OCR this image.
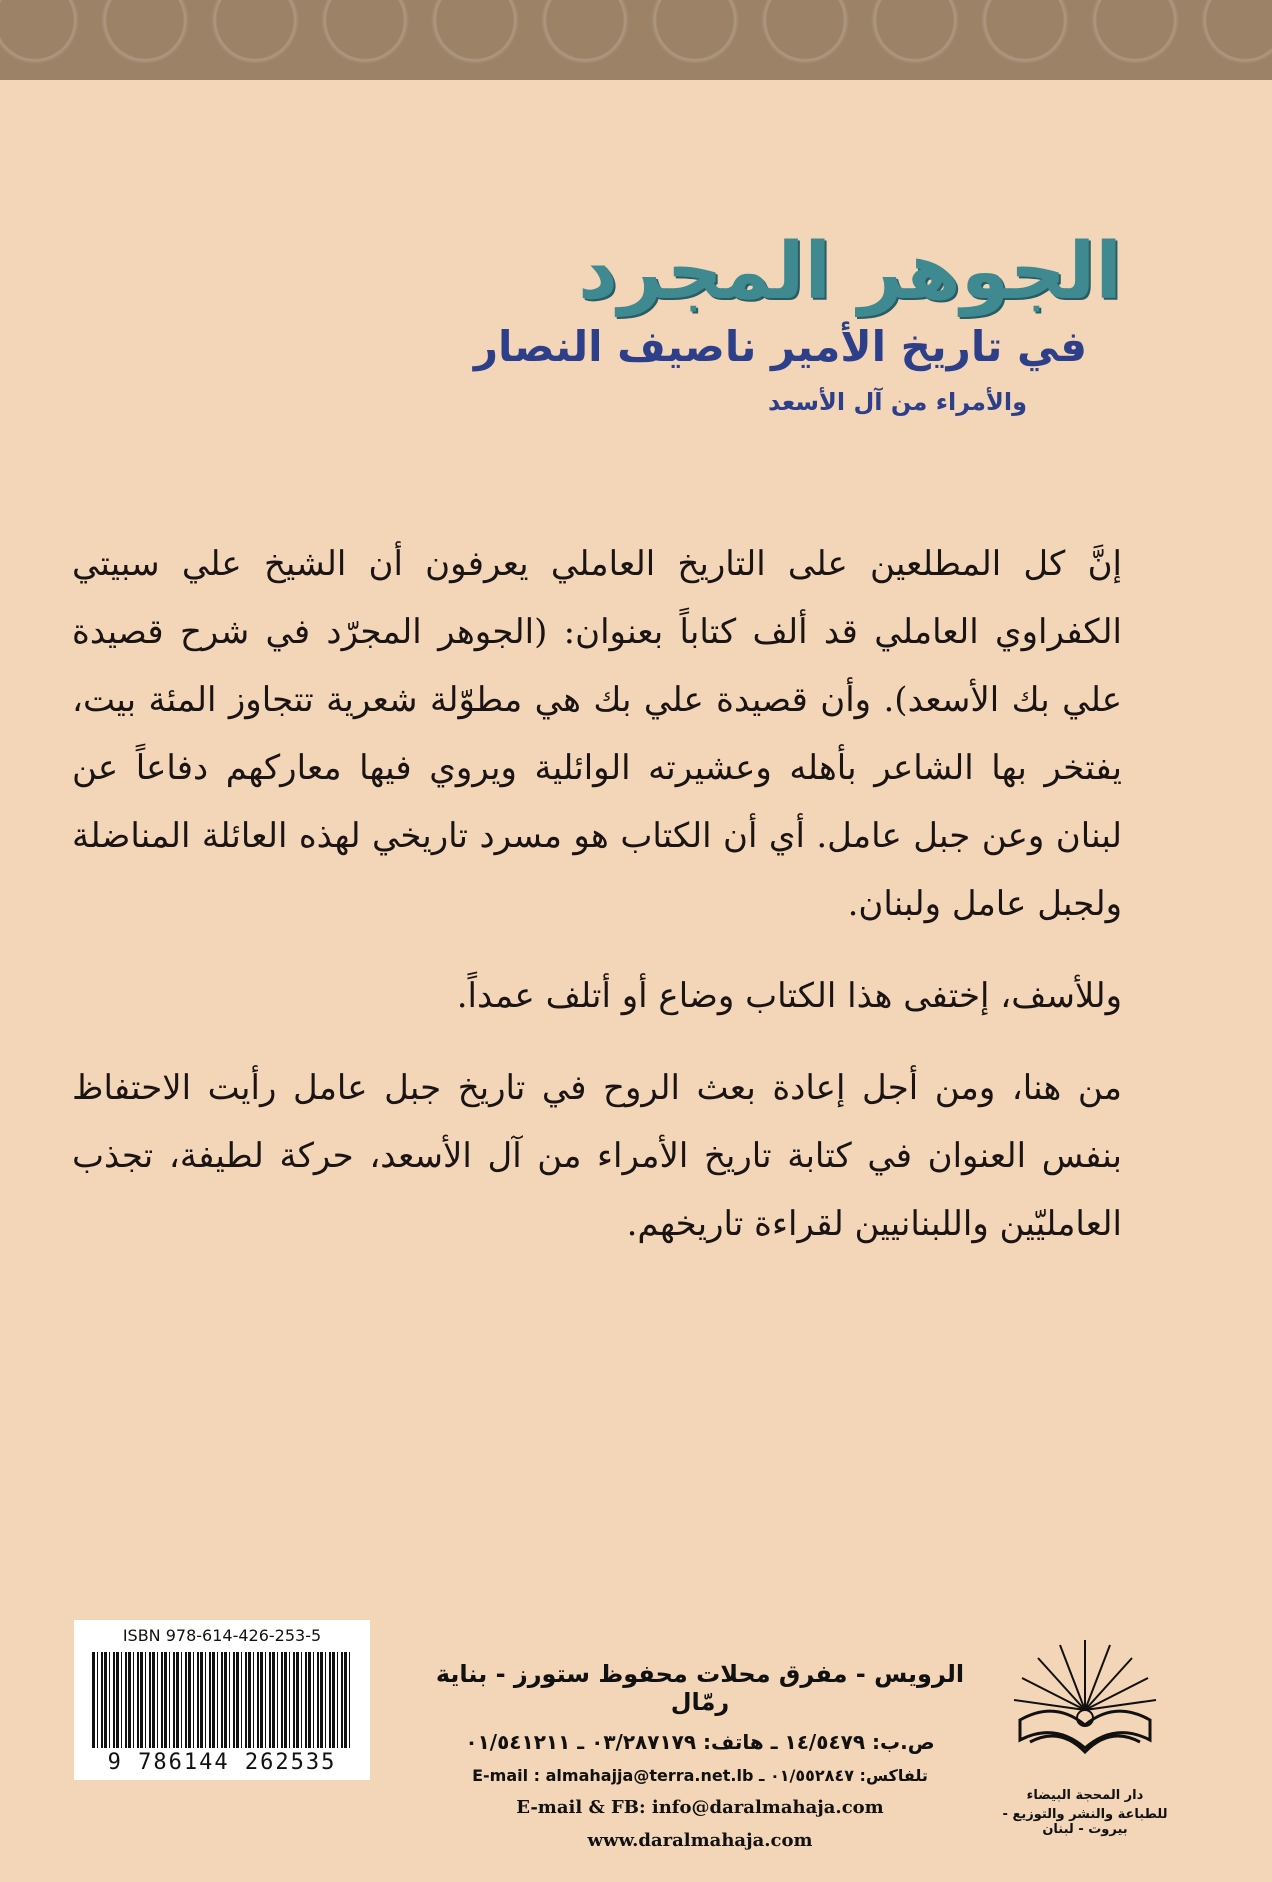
الجوهر المجرد
في تاريخ الأمير ناصيف النصار
والأمراء من آل الأسعد

إنَّ كل المطلعين على التاريخ العاملي يعرفون أن الشيخ علي سبيتي الكفراوي العاملي قد ألف كتاباً بعنوان: (الجوهر المجرّد في شرح قصيدة علي بك الأسعد). وأن قصيدة علي بك هي مطوّلة شعرية تتجاوز المئة بيت، يفتخر بها الشاعر بأهله وعشيرته الوائلية ويروي فيها معاركهم دفاعاً عن لبنان وعن جبل عامل. أي أن الكتاب هو مسرد تاريخي لهذه العائلة المناضلة ولجبل عامل ولبنان.

وللأسف، إختفى هذا الكتاب وضاع أو أتلف عمداً.

من هنا، ومن أجل إعادة بعث الروح في تاريخ جبل عامل رأيت الاحتفاظ بنفس العنوان في كتابة تاريخ الأمراء من آل الأسعد، حركة لطيفة، تجذب العامليّين واللبنانيين لقراءة تاريخهم.

ISBN 978-614-426-253-5
9 786144 262535
الرويس - مفرق محلات محفوظ ستورز - بناية رمّال
ص.ب: ١٤/٥٤٧٩ ـ هاتف: ٠٣/٢٨٧١٧٩ ـ ٠١/٥٤١٢١١
تلفاكس: ٠١/٥٥٢٨٤٧ ـ E-mail : almahajja@terra.net.lb
E-mail & FB: info@daralmahaja.com
www.daralmahaja.com
دار المحجة البيضاء
للطباعة والنشر والتوزيع - بيروت - لبنان
